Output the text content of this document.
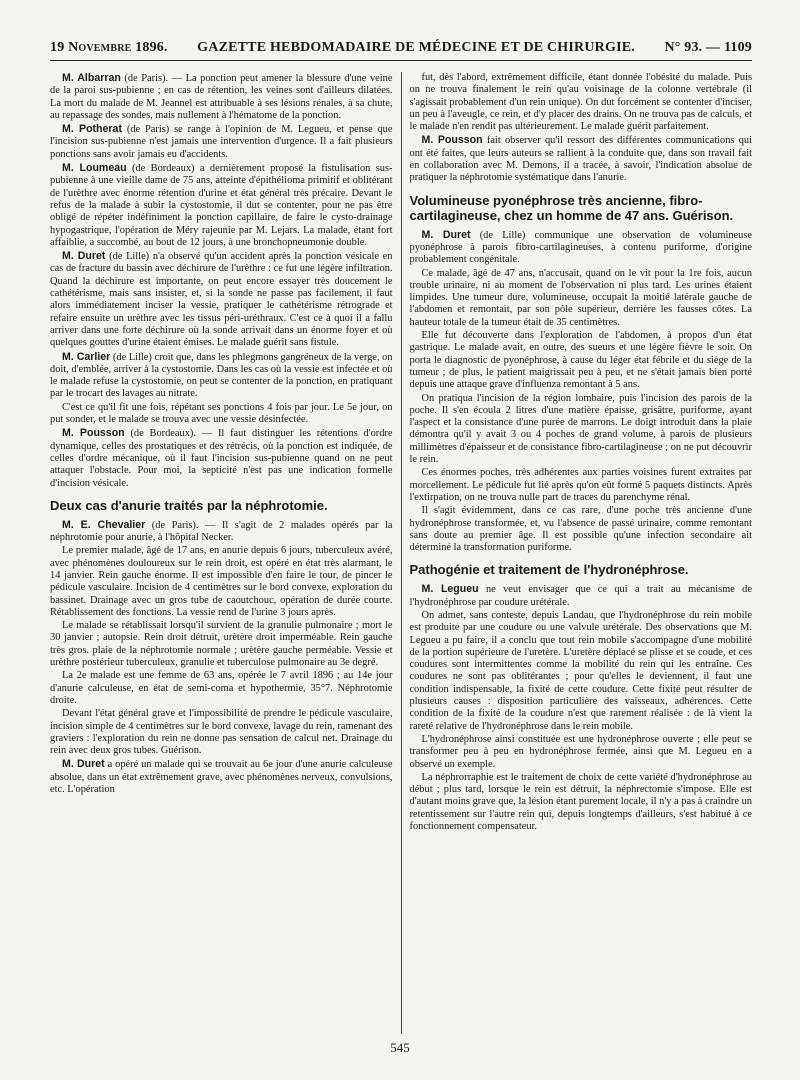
19 Novembre 1896. GAZETTE HEBDOMADAIRE DE MÉDECINE ET DE CHIRURGIE. N° 93. — 1109

M. Albarran (de Paris). — La ponction peut amener la blessure d'une veine de la paroi sus-pubienne ; en cas de rétention, les veines sont d'ailleurs dilatées. La mort du malade de M. Jeannel est attribuable à ses lésions rénales, à sa chute, au repassage des sondes, mais nullement à l'hématome de la ponction.

M. Potherat (de Paris) se range à l'opinion de M. Legueu, et pense que l'incision sus-pubienne n'est jamais une intervention d'urgence. Il a fait plusieurs ponctions sans avoir jamais eu d'accidents.

M. Loumeau (de Bordeaux) a dernièrement proposé la fistulisation sus-pubienne à une vieille dame de 75 ans, atteinte d'épithélioma primitif et oblitérant de l'urèthre avec énorme rétention d'urine et état général très précaire. Devant le refus de la malade à subir la cystostomie, il dut se contenter, pour ne pas être obligé de répéter indéfiniment la ponction capillaire, de faire le cysto-drainage hypogastrique, l'opération de Méry rajeunie par M. Lejars. La malade, étant fort affaiblie, a succombé, au bout de 12 jours, à une bronchopneumonie double.

M. Duret (de Lille) n'a observé qu'un accident après la ponction vésicale en cas de fracture du bassin avec déchirure de l'urèthre : ce fut une légère infiltration. Quand la déchirure est importante, on peut encore essayer très doucement le cathétérisme, mais sans insister, et, si la sonde ne passe pas facilement, il faut alors immédiatement inciser la vessie, pratiquer le cathétérisme rétrograde et refaire ensuite un urèthre avec les tissus péri-uréthraux. C'est ce à quoi il a fallu arriver dans une forte déchirure où la sonde arrivait dans un énorme foyer et où quelques gouttes d'urine étaient émises. Le malade guérit sans fistule.

M. Carlier (de Lille) croit que, dans les phlegmons gangréneux de la verge, on doit, d'emblée, arriver à la cystostomie. Dans les cas où la vessie est infectée et où le malade refuse la cystostomie, on peut se contenter de la ponction, en pratiquant par le trocart des lavages au nitrate.

C'est ce qu'il fit une fois, répétant ses ponctions 4 fois par jour. Le 5e jour, on put sonder, et le malade se trouva avec une vessie désinfectée.

M. Pousson (de Bordeaux). — Il faut distinguer les rétentions d'ordre dynamique, celles des prostatiques et des rétrécis, où la ponction est indiquée, de celles d'ordre mécanique, où il faut l'incision sus-pubienne quand on ne peut attaquer l'obstacle. Pour moi, la septicité n'est pas une indication formelle d'incision vésicale.

Deux cas d'anurie traités par la néphrotomie.

M. E. Chevalier (de Paris). — Il s'agit de 2 malades opérés par la néphrotomie pour anurie, à l'hôpital Necker.

Le premier malade, âgé de 17 ans, en anurie depuis 6 jours, tuberculeux avéré, avec phénomènes douloureux sur le rein droit, est opéré en état très alarmant, le 14 janvier. Rein gauche énorme. Il est impossible d'en faire le tour, de pincer le pédicule vasculaire. Incision de 4 centimètres sur le bord convexe, exploration du bassinet. Drainage avec un gros tube de caoutchouc, opération de durée courte. Rétablissement des fonctions. La vessie rend de l'urine 3 jours après.

Le malade se rétablissait lorsqu'il survient de la granulie pulmonaire ; mort le 30 janvier ; autopsie. Rein droit détruit, urètère droit imperméable. Rein gauche très gros. plaie de la néphrotomie normale ; urètère gauche perméable. Vessie et urèthre postérieur tuberculeux, granulie et tuberculose pulmonaire au 3e degré.

La 2e malade est une femme de 63 ans, opérée le 7 avril 1896 ; au 14e jour d'anurie calculeuse, en état de semi-coma et hypothermie, 35°7. Néphrotomie droite.

Devant l'état général grave et l'impossibilité de prendre le pédicule vasculaire, incision simple de 4 centimètres sur le bord convexe, lavage du rein, ramenant des graviers : l'exploration du rein ne donne pas sensation de calcul net. Drainage du rein avec deux gros tubes. Guérison.

M. Duret a opéré un malade qui se trouvait au 6e jour d'une anurie calculeuse absolue, dans un état extrêmement grave, avec phénomènes nerveux, convulsions, etc. L'opération

fut, dès l'abord, extrêmement difficile, étant donnée l'obésité du malade. Puis on ne trouva finalement le rein qu'au voisinage de la colonne vertébrale (il s'agissait probablement d'un rein unique). On dut forcément se contenter d'inciser, un peu à l'aveugle, ce rein, et d'y placer des drains. On ne trouva pas de calculs, et le malade n'en rendit pas ultérieurement. Le malade guérit parfaitement.

M. Pousson fait observer qu'il ressort des différentes communications qui ont été faites, que leurs auteurs se rallient à la conduite que, dans son travail fait en collaboration avec M. Demons, il a tracée, à savoir, l'indication absolue de pratiquer la néphrotomie systématique dans l'anurie.

Volumineuse pyonéphrose très ancienne, fibro-cartilagineuse, chez un homme de 47 ans. Guérison.

M. Duret (de Lille) communique une observation de volumineuse pyonéphrose à parois fibro-cartilagineuses, à contenu puriforme, d'origine probablement congénitale.

Ce malade, âgé de 47 ans, n'accusait, quand on le vit pour la 1re fois, aucun trouble urinaire, ni au moment de l'observation ni plus tard. Les urines étaient limpides. Une tumeur dure, volumineuse, occupait la moitié latérale gauche de l'abdomen et remontait, par son pôle supérieur, derrière les fausses côtes. La hauteur totale de la tumeur était de 35 centimètres.

Elle fut découverte dans l'exploration de l'abdomen, à propos d'un état gastrique. Le malade avait, en outre, des sueurs et une légère fièvre le soir. On porta le diagnostic de pyonéphrose, à cause du léger état fébrile et du siège de la tumeur ; de plus, le patient maigrissait peu à peu, et ne s'était jamais bien porté depuis une attaque grave d'influenza remontant à 5 ans.

On pratiqua l'incision de la région lombaire, puis l'incision des parois de la poche. Il s'en écoula 2 litres d'une matière épaisse, grisâtre, puriforme, ayant l'aspect et la consistance d'une purée de marrons. Le doigt introduit dans la plaie démontra qu'il y avait 3 ou 4 poches de grand volume, à parois de plusieurs millimètres d'épaisseur et de consistance fibro-cartilagineuse ; on ne put découvrir le rein.

Ces énormes poches, très adhérentes aux parties voisines furent extraites par morcellement. Le pédicule fut lié après qu'on eût formé 5 paquets distincts. Après l'extirpation, on ne trouva nulle part de traces du parenchyme rénal.

Il s'agit évidemment, dans ce cas rare, d'une poche très ancienne d'une hydronéphrose transformée, et, vu l'absence de passé urinaire, comme remontant sans doute au premier âge. Il est possible qu'une infection secondaire ait déterminé la transformation puriforme.

Pathogénie et traitement de l'hydronéphrose.

M. Legueu ne veut envisager que ce qui a trait au mécanisme de l'hydronéphrose par coudure urétérale.

On admet, sans conteste, depuis Landau, que l'hydronéphrose du rein mobile est produite par une coudure ou une valvule urétérale. Des observations que M. Legueu a pu faire, il a conclu que tout rein mobile s'accompagne d'une mobilité de la portion supérieure de l'uretère. L'uretère déplacé se plisse et se coude, et ces coudures sont intermittentes comme la mobilité du rein qui les entraîne. Ces coudures ne sont pas oblitérantes ; pour qu'elles le deviennent, il faut une condition indispensable, la fixité de cette coudure. Cette fixité peut résulter de plusieurs causes : disposition particulière des vaisseaux, adhérences. Cette condition de la fixité de la coudure n'est que rarement réalisée : de là vient la rareté relative de l'hydronéphrose dans le rein mobile.

L'hydronéphrose ainsi constituée est une hydronéphrose ouverte ; elle peut se transformer peu à peu en hydronéphrose fermée, ainsi que M. Legueu en a observé un exemple.

La néphrorraphie est le traitement de choix de cette variété d'hydronéphrose au début ; plus tard, lorsque le rein est détruit, la néphrectomie s'impose. Elle est d'autant moins grave que, la lésion étant purement locale, il n'y a pas à craindre un retentissement sur l'autre rein qui, depuis longtemps d'ailleurs, s'est habitué à ce fonctionnement compensateur.

545
